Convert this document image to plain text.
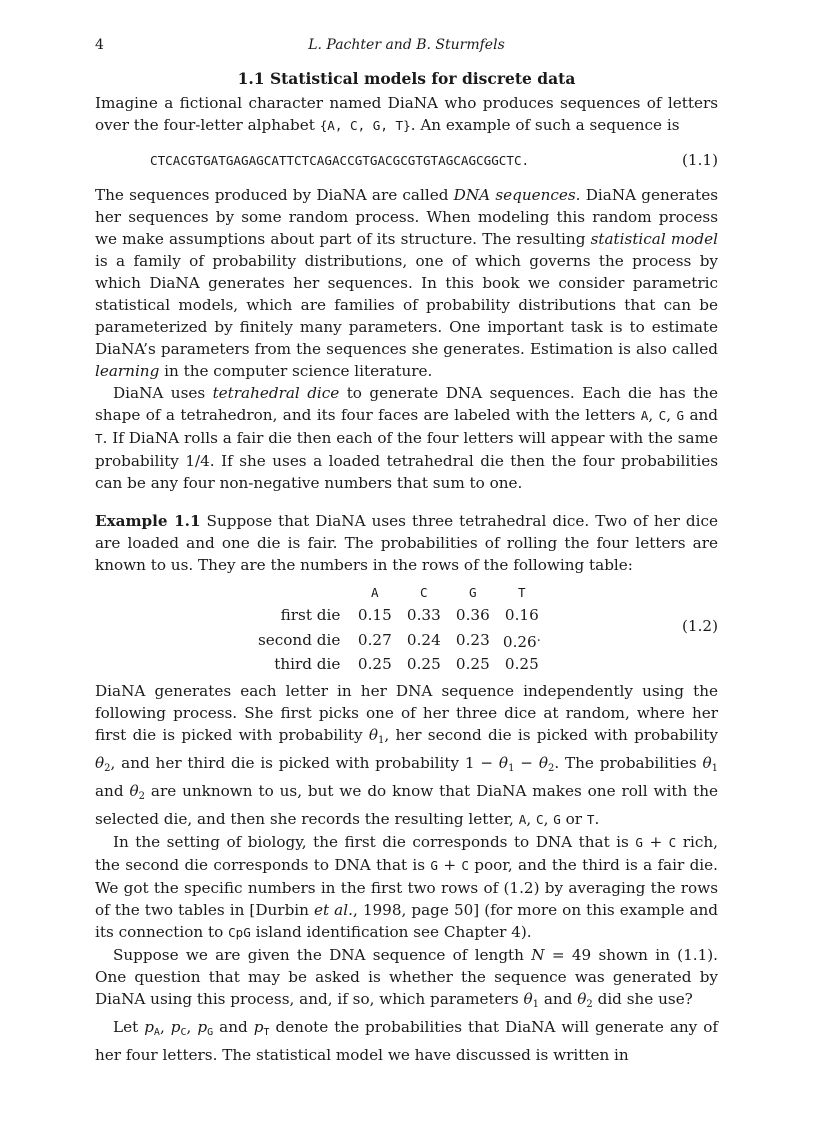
4	L. Pachter and B. Sturmfels
1.1 Statistical models for discrete data

Imagine a fictional character named DiaNA who produces sequences of letters over the four-letter alphabet {A, C, G, T}. An example of such a sequence is

CTCACGTGATGAGAGCATTCTCAGACCGTGACGCGTGTAGCAGCGGCTC.	(1.1)

The sequences produced by DiaNA are called DNA sequences. DiaNA generates her sequences by some random process. When modeling this random process we make assumptions about part of its structure. The resulting statistical model is a family of probability distributions, one of which governs the process by which DiaNA generates her sequences. In this book we consider parametric statistical models, which are families of probability distributions that can be parameterized by finitely many parameters. One important task is to estimate DiaNA’s parameters from the sequences she generates. Estimation is also called learning in the computer science literature.

DiaNA uses tetrahedral dice to generate DNA sequences. Each die has the shape of a tetrahedron, and its four faces are labeled with the letters A, C, G and T. If DiaNA rolls a fair die then each of the four letters will appear with the same probability 1/4. If she uses a loaded tetrahedral die then the four probabilities can be any four non-negative numbers that sum to one.

Example 1.1 Suppose that DiaNA uses three tetrahedral dice. Two of her dice are loaded and one die is fair. The probabilities of rolling the four letters are known to us. They are the numbers in the rows of the following table:

	A	C	G	T
first die	0.15	0.33	0.36	0.16
second die	0.27	0.24	0.23	0.26.
third die	0.25	0.25	0.25	0.25
(1.2)

DiaNA generates each letter in her DNA sequence independently using the following process. She first picks one of her three dice at random, where her first die is picked with probability $\theta_1$, her second die is picked with probability $\theta_2$, and her third die is picked with probability $1 - \theta_1 - \theta_2$. The probabilities $\theta_1$ and $\theta_2$ are unknown to us, but we do know that DiaNA makes one roll with the selected die, and then she records the resulting letter, A, C, G or T.

In the setting of biology, the first die corresponds to DNA that is G + C rich, the second die corresponds to DNA that is G + C poor, and the third is a fair die. We got the specific numbers in the first two rows of (1.2) by averaging the rows of the two tables in [Durbin et al., 1998, page 50] (for more on this example and its connection to CpG island identification see Chapter 4).

Suppose we are given the DNA sequence of length N = 49 shown in (1.1). One question that may be asked is whether the sequence was generated by DiaNA using this process, and, if so, which parameters $\theta_1$ and $\theta_2$ did she use?

Let $p_A$, $p_C$, $p_G$ and $p_T$ denote the probabilities that DiaNA will generate any of her four letters. The statistical model we have discussed is written in
